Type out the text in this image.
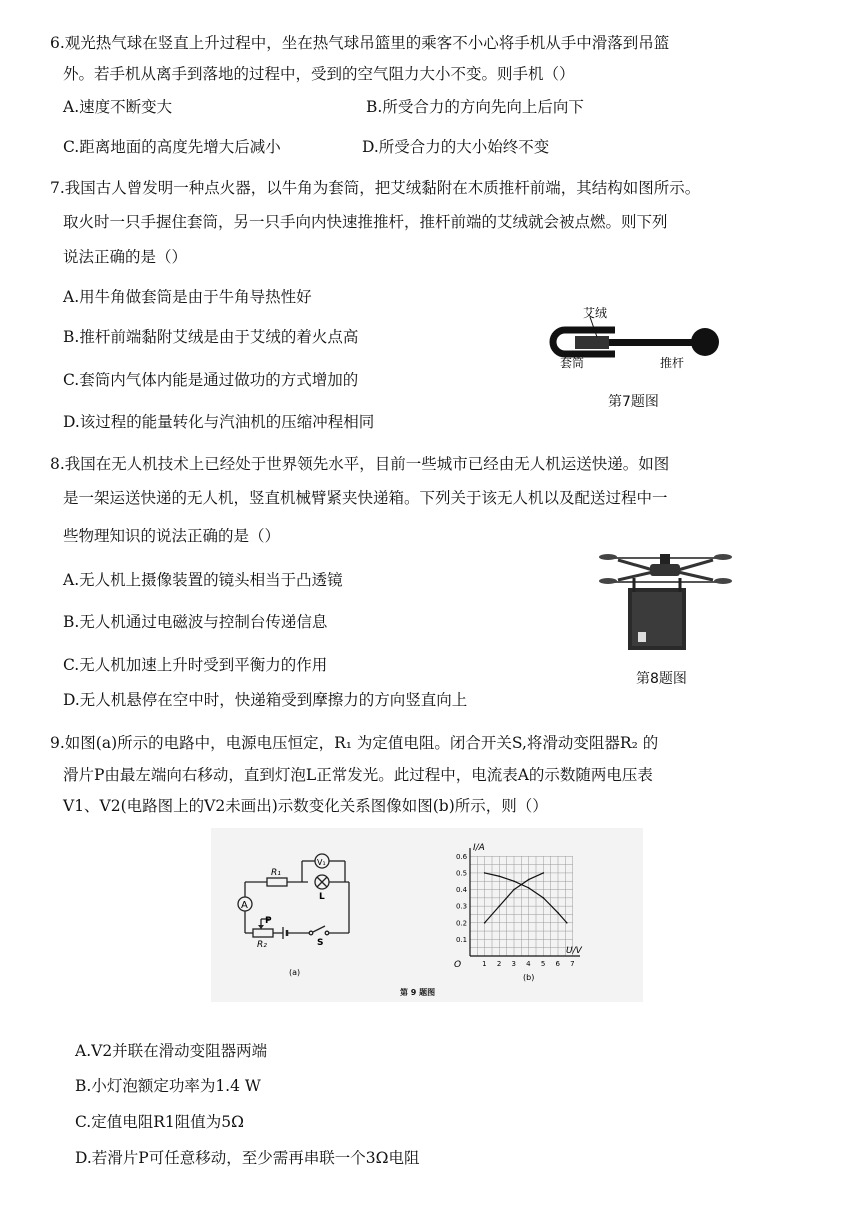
6.观光热气球在竖直上升过程中，坐在热气球吊篮里的乘客不小心将手机从手中滑落到吊篮
外。若手机从离手到落地的过程中，受到的空气阻力大小不变。则手机（）
A.速度不断变大	B.所受合力的方向先向上后向下
C.距离地面的高度先增大后减小	D.所受合力的大小始终不变
7.我国古人曾发明一种点火器，以牛角为套筒，把艾绒黏附在木质推杆前端，其结构如图所示。
取火时一只手握住套筒，另一只手向内快速推推杆，推杆前端的艾绒就会被点燃。则下列
说法正确的是（）
A.用牛角做套筒是由于牛角导热性好
B.推杆前端黏附艾绒是由于艾绒的着火点高
C.套筒内气体内能是通过做功的方式增加的
D.该过程的能量转化与汽油机的压缩冲程相同
艾绒
套筒	推杆
第7题图
8.我国在无人机技术上已经处于世界领先水平，目前一些城市已经由无人机运送快递。如图
是一架运送快递的无人机，竖直机械臂紧夹快递箱。下列关于该无人机以及配送过程中一
些物理知识的说法正确的是（）
A.无人机上摄像装置的镜头相当于凸透镜
B.无人机通过电磁波与控制台传递信息
C.无人机加速上升时受到平衡力的作用
D.无人机悬停在空中时，快递箱受到摩擦力的方向竖直向上
第8题图
9.如图(a)所示的电路中，电源电压恒定，R₁ 为定值电阻。闭合开关S,将滑动变阻器R₂ 的
滑片P由最左端向右移动，直到灯泡L正常发光。此过程中，电流表A的示数随两电压表
V1、V2(电路图上的V2未画出)示数变化关系图像如图(b)所示，则（）
A
V₁
R₁
L
P
R₂	S
(a)
1 2 3 4 5 6 7
0.1
0.2
0.3
0.4
0.5
0.6
I/A
U/V
O
(b)
第 9 题图
A.V2并联在滑动变阻器两端
B.小灯泡额定功率为1.4 W
C.定值电阻R1阻值为5Ω
D.若滑片P可任意移动，至少需再串联一个3Ω电阻
